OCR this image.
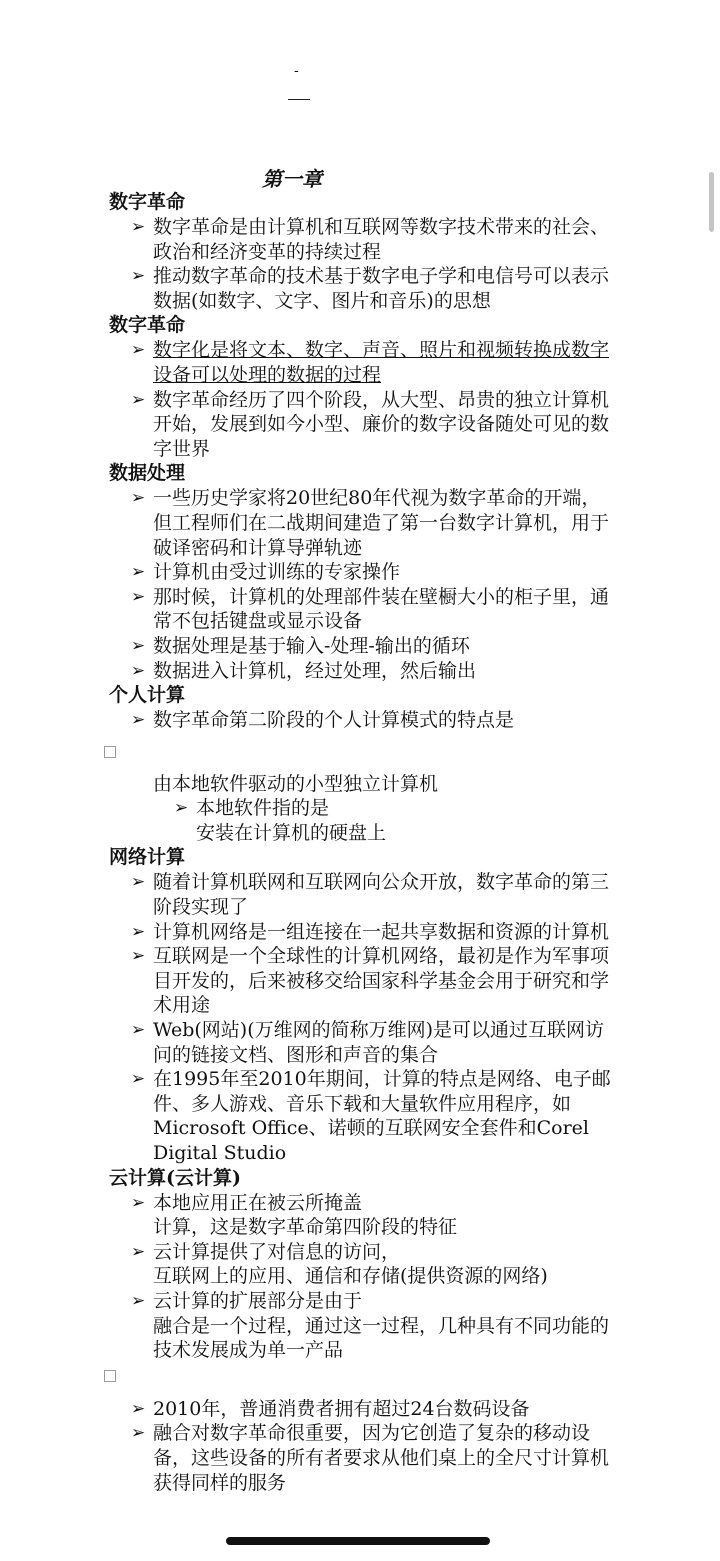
-
第一章
数字革命
➢ 数字革命是由计算机和互联网等数字技术带来的社会、政治和经济变革的持续过程
➢ 推动数字革命的技术基于数字电子学和电信号可以表示数据(如数字、文字、图片和音乐)的思想
数字革命
➢ 数字化是将文本、数字、声音、照片和视频转换成数字设备可以处理的数据的过程
➢ 数字革命经历了四个阶段，从大型、昂贵的独立计算机开始，发展到如今小型、廉价的数字设备随处可见的数字世界
数据处理
➢ 一些历史学家将20世纪80年代视为数字革命的开端，但工程师们在二战期间建造了第一台数字计算机，用于破译密码和计算导弹轨迹
➢ 计算机由受过训练的专家操作
➢ 那时候，计算机的处理部件装在壁橱大小的柜子里，通常不包括键盘或显示设备
➢ 数据处理是基于输入-处理-输出的循环
➢ 数据进入计算机，经过处理，然后输出
个人计算
➢ 数字革命第二阶段的个人计算模式的特点是
由本地软件驱动的小型独立计算机
➢ 本地软件指的是
安装在计算机的硬盘上
网络计算
➢ 随着计算机联网和互联网向公众开放，数字革命的第三阶段实现了
➢ 计算机网络是一组连接在一起共享数据和资源的计算机
➢ 互联网是一个全球性的计算机网络，最初是作为军事项目开发的，后来被移交给国家科学基金会用于研究和学术用途
➢ Web(网站)(万维网的简称万维网)是可以通过互联网访问的链接文档、图形和声音的集合
➢ 在1995年至2010年期间，计算的特点是网络、电子邮件、多人游戏、音乐下载和大量软件应用程序，如Microsoft Office、诺顿的互联网安全套件和Corel Digital Studio
云计算(云计算)
➢ 本地应用正在被云所掩盖
计算，这是数字革命第四阶段的特征
➢ 云计算提供了对信息的访问，
互联网上的应用、通信和存储(提供资源的网络)
➢ 云计算的扩展部分是由于
融合是一个过程，通过这一过程，几种具有不同功能的技术发展成为单一产品
➢ 2010年，普通消费者拥有超过24台数码设备
➢ 融合对数字革命很重要，因为它创造了复杂的移动设备，这些设备的所有者要求从他们桌上的全尺寸计算机获得同样的服务
